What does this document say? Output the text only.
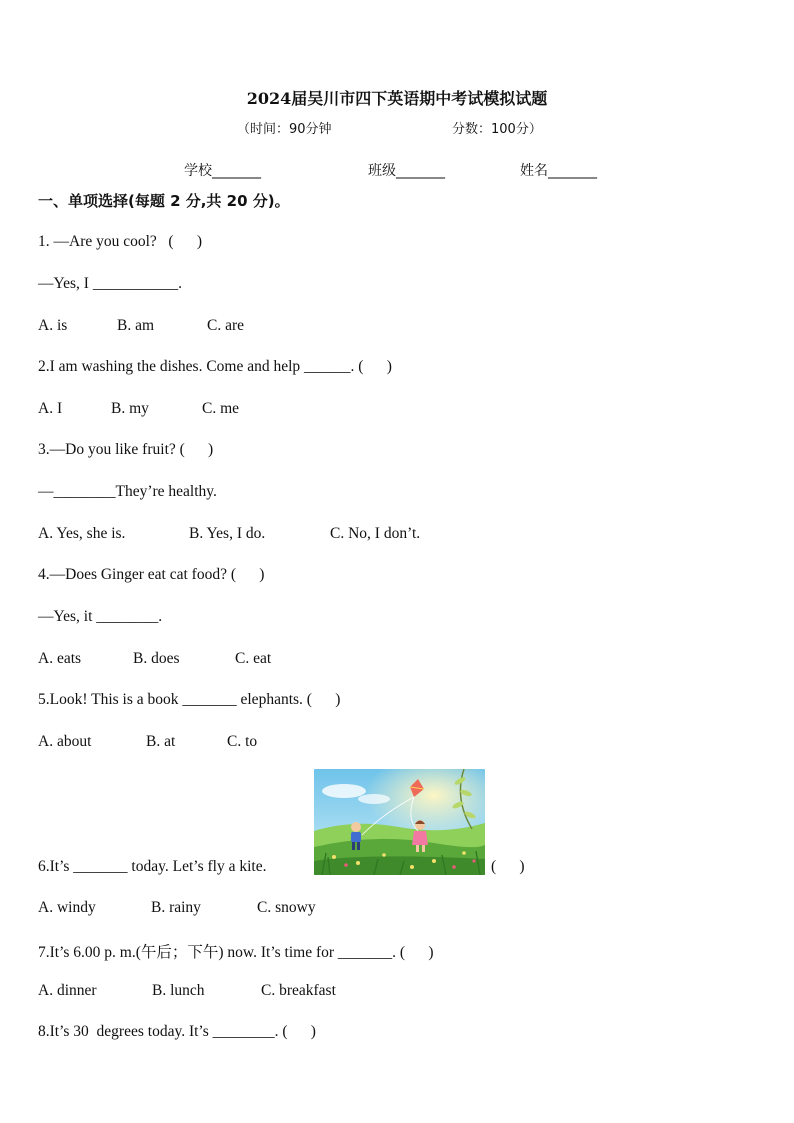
2024届吴川市四下英语期中考试模拟试题
（时间：90分钟	分数：100分）
学校_______	班级_______	姓名_______
一、单项选择(每题 2 分,共 20 分)。
1. —Are you cool?   (      )
—Yes, I ___________.
A. is	B. am	C. are
2.I am washing the dishes. Come and help ______. (      )
A. I	B. my	C. me
3.—Do you like fruit? (      )
—________They’re healthy.
A. Yes, she is.	B. Yes, I do.	C. No, I don’t.
4.—Does Ginger eat cat food? (      )
—Yes, it ________.
A. eats	B. does	C. eat
5.Look! This is a book _______ elephants. (      )
A. about	B. at	C. to
6.It’s _______ today. Let’s fly a kite.	(      )
A. windy	B. rainy	C. snowy
7.It’s 6.00 p. m.(午后；下午) now. It’s time for _______. (      )
A. dinner	B. lunch	C. breakfast
8.It’s 30  degrees today. It’s ________. (      )
